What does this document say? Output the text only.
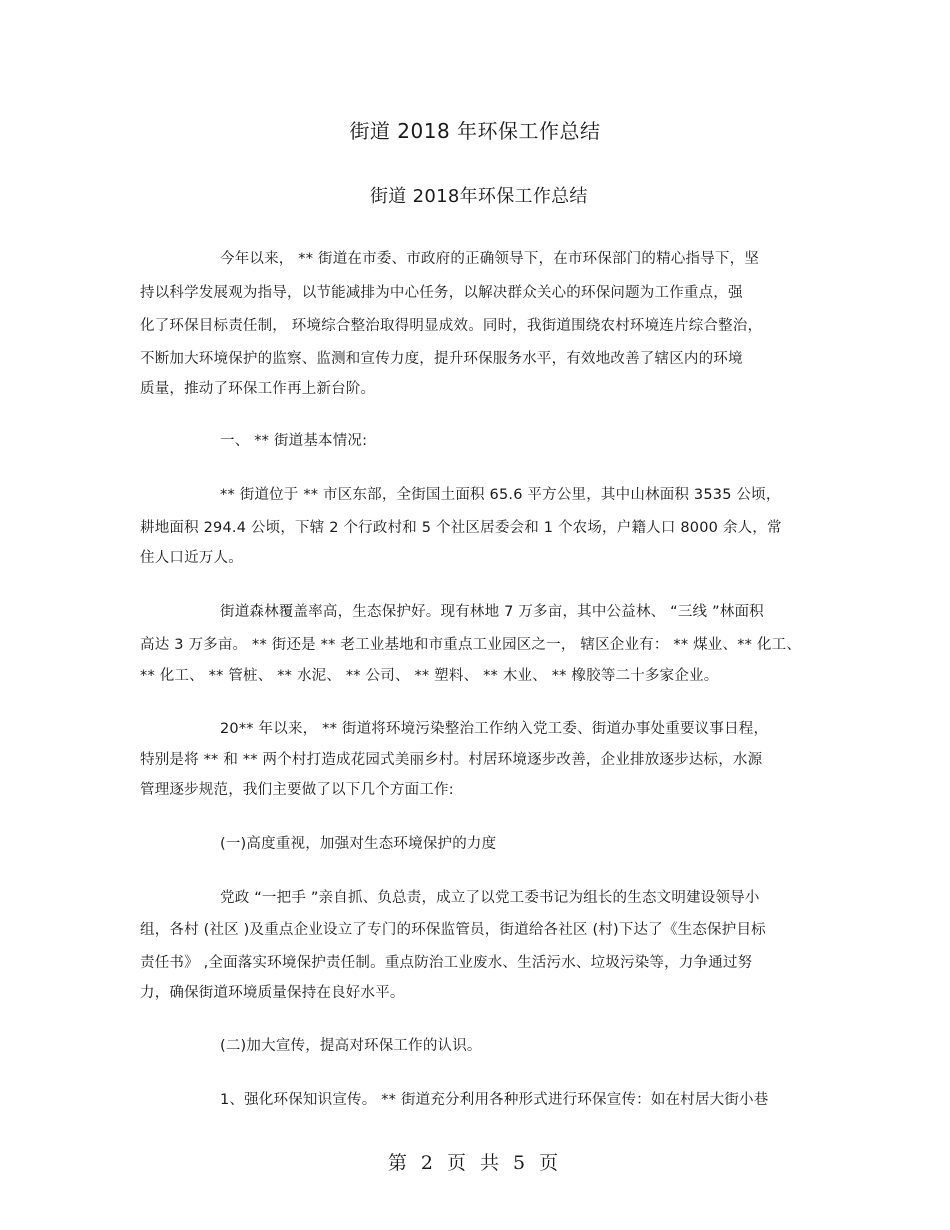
街道 2018 年环保工作总结
街道 2018年环保工作总结
今年以来， ** 街道在市委、市政府的正确领导下，在市环保部门的精心指导下，坚
持以科学发展观为指导，以节能减排为中心任务，以解决群众关心的环保问题为工作重点，强
化了环保目标责任制， 环境综合整治取得明显成效。同时，我街道围绕农村环境连片综合整治，
不断加大环境保护的监察、监测和宣传力度，提升环保服务水平，有效地改善了辖区内的环境
质量，推动了环保工作再上新台阶。
一、 ** 街道基本情况:
** 街道位于 ** 市区东部，全街国土面积 65.6 平方公里，其中山林面积 3535 公顷，
耕地面积 294.4 公顷，下辖 2 个行政村和 5 个社区居委会和 1 个农场，户籍人口 8000 余人，常
住人口近万人。
街道森林覆盖率高，生态保护好。现有林地 7 万多亩，其中公益林、 “三线 ”林面积
高达 3 万多亩。 ** 街还是 ** 老工业基地和市重点工业园区之一， 辖区企业有： ** 煤业、** 化工、
** 化工、 ** 管桩、 ** 水泥、 ** 公司、 ** 塑料、 ** 木业、 ** 橡胶等二十多家企业。
20** 年以来， ** 街道将环境污染整治工作纳入党工委、街道办事处重要议事日程，
特别是将 ** 和 ** 两个村打造成花园式美丽乡村。村居环境逐步改善，企业排放逐步达标，水源
管理逐步规范，我们主要做了以下几个方面工作:
(一)高度重视，加强对生态环境保护的力度
党政 “一把手 ”亲自抓、负总责，成立了以党工委书记为组长的生态文明建设领导小
组，各村 (社区 )及重点企业设立了专门的环保监管员，街道给各社区 (村)下达了《生态保护目标
责任书》 ,全面落实环境保护责任制。重点防治工业废水、生活污水、垃圾污染等，力争通过努
力，确保街道环境质量保持在良好水平。
(二)加大宣传，提高对环保工作的认识。
1、强化环保知识宣传。 ** 街道充分利用各种形式进行环保宣传：如在村居大街小巷
第 2 页 共 5 页
